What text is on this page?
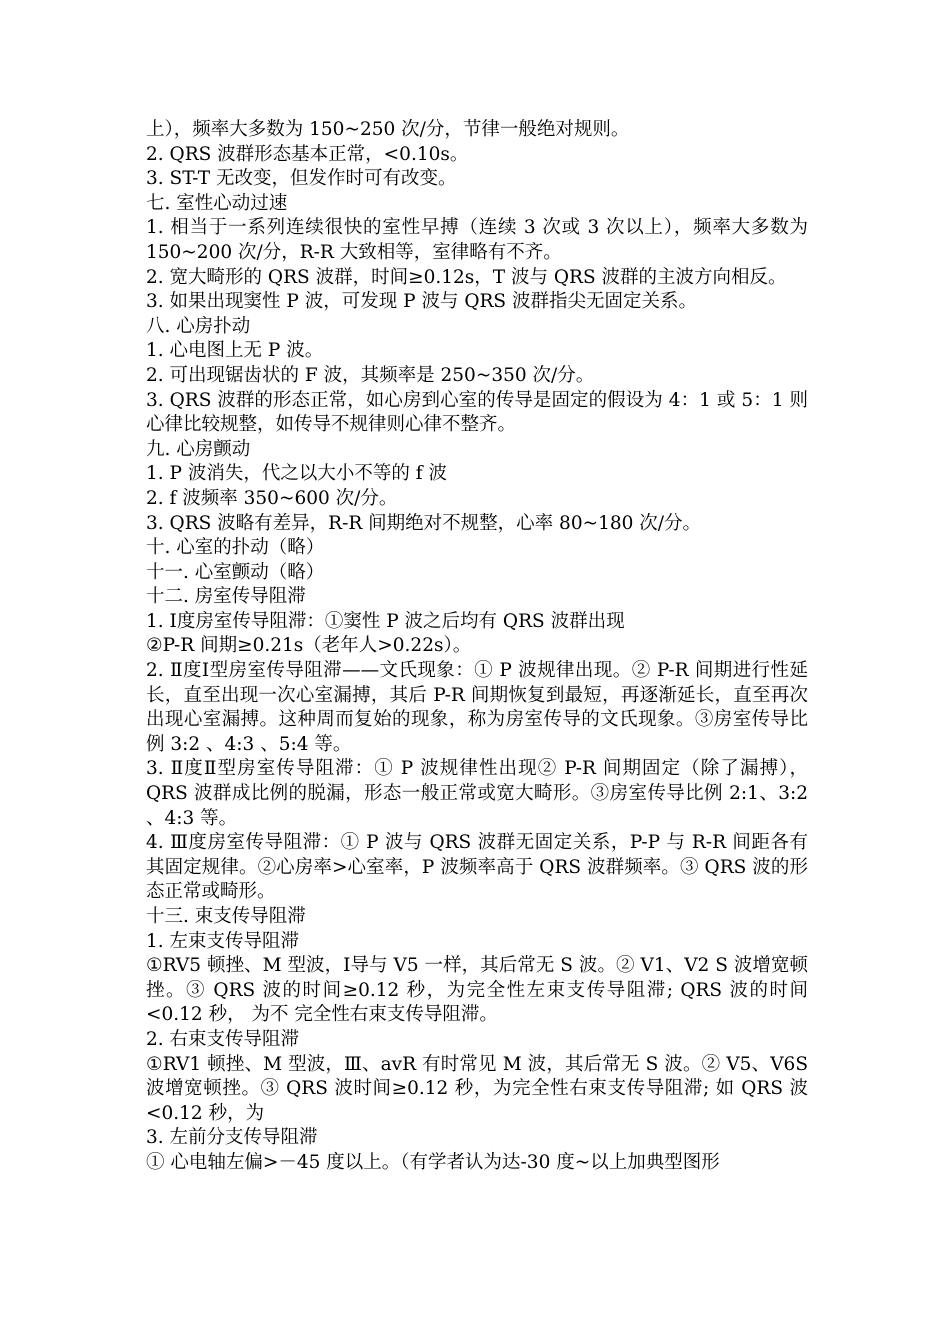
上），频率大多数为 150~250 次/分，节律一般绝对规则。

2. QRS 波群形态基本正常，<0.10s。

3. ST-T 无改变，但发作时可有改变。

七. 室性心动过速

1. 相当于一系列连续很快的室性早搏（连续 3 次或 3 次以上），频率大多数为 150~200 次/分，R-R 大致相等，室律略有不齐。

2. 宽大畸形的 QRS 波群，时间≥0.12s，T 波与 QRS 波群的主波方向相反。

3. 如果出现窦性 P 波，可发现 P 波与 QRS 波群指尖无固定关系。

八. 心房扑动

1. 心电图上无 P 波。

2. 可出现锯齿状的 F 波，其频率是 250~350 次/分。

3. QRS 波群的形态正常，如心房到心室的传导是固定的假设为 4：1 或 5：1 则心律比较规整，如传导不规律则心律不整齐。

九. 心房颤动

1. P 波消失，代之以大小不等的 f 波

2. f 波频率 350~600 次/分。

3. QRS 波略有差异，R-R 间期绝对不规整，心率 80~180 次/分。

十. 心室的扑动（略）

十一. 心室颤动（略）

十二. 房室传导阻滞

1. Ⅰ度房室传导阻滞：①窦性 P 波之后均有 QRS 波群出现

②P-R 间期≥0.21s（老年人>0.22s）。

2. Ⅱ度Ⅰ型房室传导阻滞——文氏现象：① P 波规律出现。② P-R 间期进行性延长，直至出现一次心室漏搏，其后 P-R 间期恢复到最短，再逐渐延长，直至再次出现心室漏搏。这种周而复始的现象，称为房室传导的文氏现象。③房室传导比例 3:2 、4:3 、5:4 等。

3. Ⅱ度Ⅱ型房室传导阻滞：① P 波规律性出现② P-R 间期固定（除了漏搏），QRS 波群成比例的脱漏，形态一般正常或宽大畸形。③房室传导比例 2:1、3:2 、4:3 等。

4. Ⅲ度房室传导阻滞：① P 波与 QRS 波群无固定关系，P-P 与 R-R 间距各有其固定规律。②心房率>心室率，P 波频率高于 QRS 波群频率。③ QRS 波的形态正常或畸形。

十三. 束支传导阻滞

1. 左束支传导阻滞

①RV5 顿挫、M 型波，Ⅰ导与 V5 一样，其后常无 S 波。② V1、V2 S 波增宽顿挫。③ QRS 波的时间≥0.12 秒，为完全性左束支传导阻滞; QRS 波的时间<0.12 秒， 为不 完全性右束支传导阻滞。

2. 右束支传导阻滞

①RV1 顿挫、M 型波，Ⅲ、avR 有时常见 M 波，其后常无 S 波。② V5、V6S 波增宽顿挫。③ QRS 波时间≥0.12 秒，为完全性右束支传导阻滞; 如 QRS 波<0.12 秒，为

3. 左前分支传导阻滞

① 心电轴左偏>－45 度以上。（有学者认为达-30 度~以上加典型图形
